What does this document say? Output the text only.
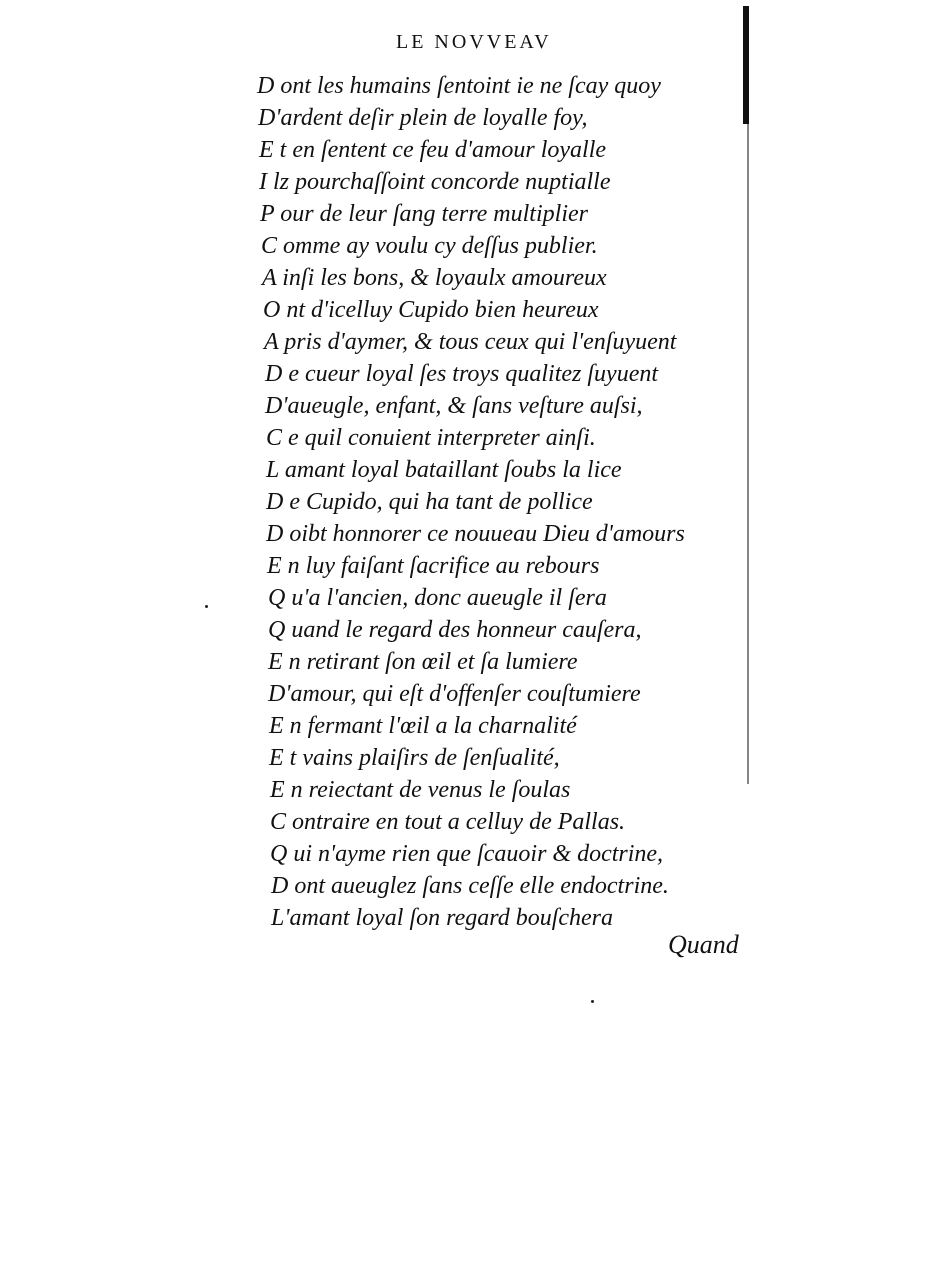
LE NOVVEAV
D ont les humains ſentoint ie ne ſcay quoy
D'ardent deſir plein de loyalle foy,
E t en ſentent ce feu d'amour loyalle
I lz pourchaſſoint concorde nuptialle
P our de leur ſang terre multiplier
C omme ay voulu cy deſſus publier.
A inſi les bons, & loyaulx amoureux
O nt d'icelluy Cupido bien heureux
A pris d'aymer, & tous ceux qui l'enſuyuent
D e cueur loyal ſes troys qualitez ſuyuent
D'aueugle, enfant, & ſans veſture auſsi,
C e quil conuient interpreter ainſi.
L amant loyal bataillant ſoubs la lice
D e Cupido, qui ha tant de pollice
D oibt honnorer ce nouueau Dieu d'amours
E n luy faiſant ſacrifice au rebours
Q u'a l'ancien, donc aueugle il ſera
Q uand le regard des honneur cauſera,
E n retirant ſon œil et ſa lumiere
D'amour, qui eſt d'offenſer couſtumiere
E n fermant l'œil a la charnalité
E t vains plaiſirs de ſenſualité,
E n reiectant de venus le ſoulas
C ontraire en tout a celluy de Pallas.
Q ui n'ayme rien que ſcauoir & doctrine,
D ont aueuglez ſans ceſſe elle endoctrine.
L'amant loyal ſon regard bouſchera
Quand
